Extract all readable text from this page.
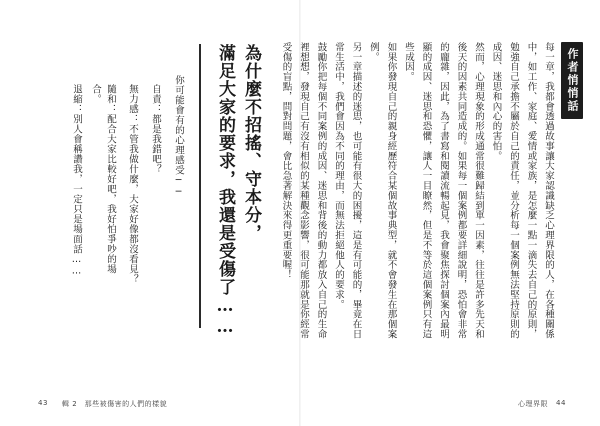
為什麼不招搖、守本分，
滿足大家的要求，我還是受傷了……
你可能會有的心理感受──
自責：都是我錯吧？
無力感：不管我做什麼，大家好像都沒看見？
隨和：配合大家比較好吧，我好怕爭吵的場合。
退縮：別人會稱讚我，一定只是場面話……
43 輯 2　那些被傷害的人們的樣貌
作者悄悄話
每一章，我都會透過故事讓大家認識缺乏心理界限的人，在各種關係中，如工作、家庭、愛情或家族，是怎麼一點一滴失去自己的原則，勉強自己承擔不屬於自己的責任，並分析每一個案例無法堅持原則的成因、迷思和內心的害怕。
然而，心理現象的形成通常很難歸結到單一因素，往往是許多先天和後天的因素共同造成的。如果每一個案例都要詳細說明，恐怕會非常的龐雜，因此，為了書寫和閱讀流暢起見，我會聚焦探討個案內最明顯的成因、迷思和恐懼，讓人一目瞭然，但是不等於這個案例只有這些成因。
如果你發現自己的親身經歷符合某個故事典型，就不會發生在那個案例。
另一章描述的迷思，也可能有很大的困擾，這是有可能的，畢竟在日常生活中，我們會因為不同的理由，而無法拒絕他人的要求。
鼓勵你把每個不同案例的成因、迷思和背後的動力都放入自己的生命裡想想，發現自己有沒有相似的某種觀念影響，很可能那就是你經常受傷的盲點，問對問題，會比急著解決來得更重要喔！
心理界限 44
